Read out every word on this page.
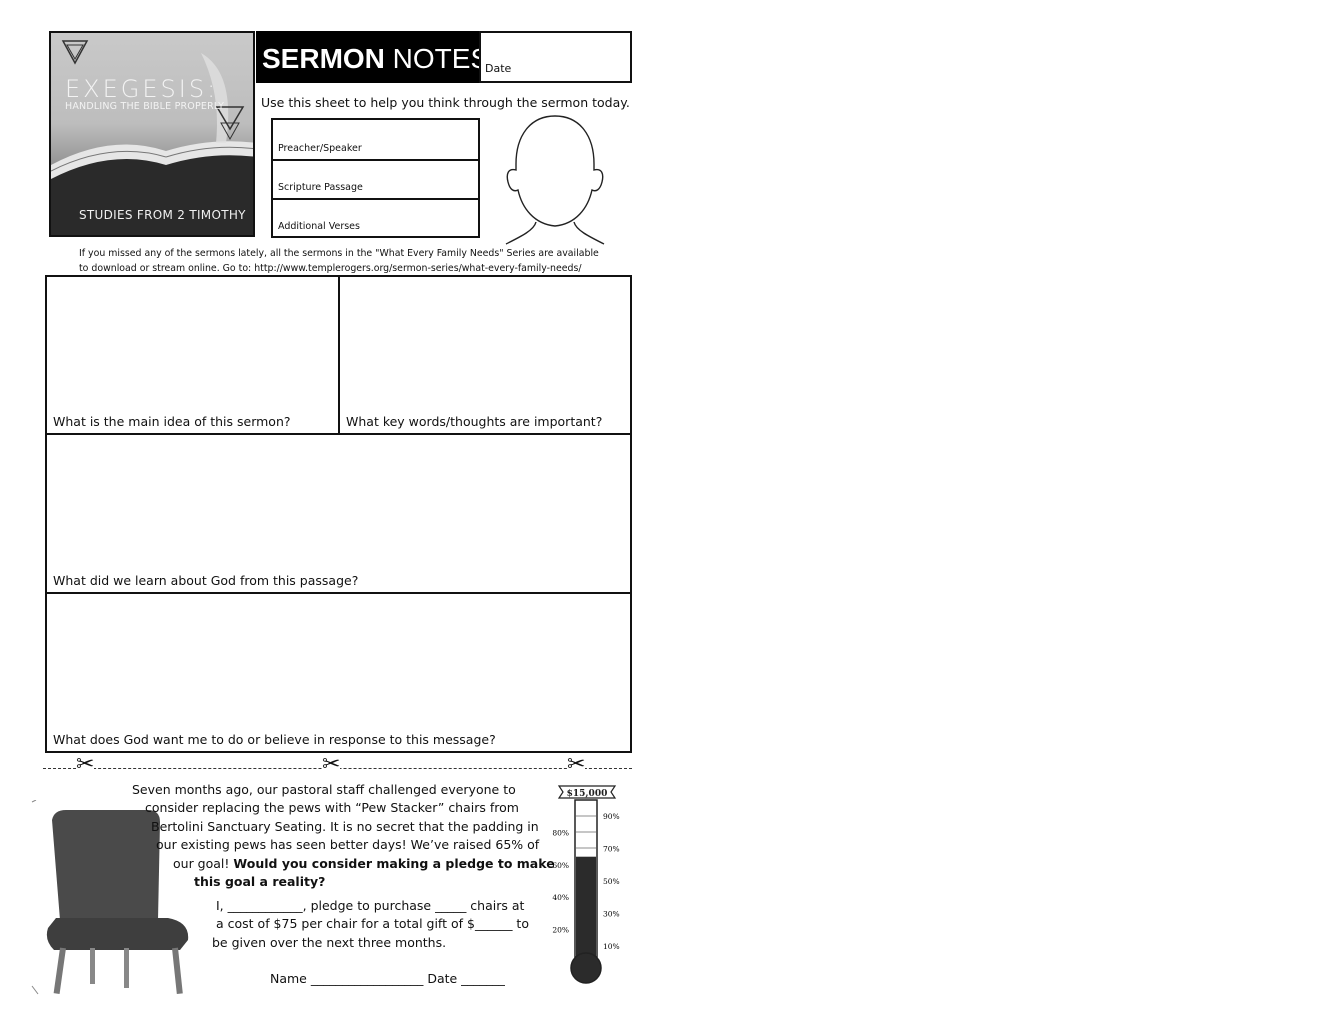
EXEGESIS:
HANDLING THE BIBLE PROPERLY
STUDIES FROM 2 TIMOTHY
SERMON NOTES
Date
Use this sheet to help you think through the sermon today.
Preacher/Speaker
Scripture Passage
Additional Verses
If you missed any of the sermons lately, all the sermons in the "What Every Family Needs" Series are available
to download or stream online. Go to: http://www.templerogers.org/sermon-series/what-every-family-needs/
What is the main idea of this sermon?	What key words/thoughts are important?
What did we learn about God from this passage?
What does God want me to do or believe in response to this message?
✂	✂	✂
Seven months ago, our pastoral staff challenged everyone to
consider replacing the pews with “Pew Stacker” chairs from
Bertolini Sanctuary Seating. It is no secret that the padding in
our existing pews has seen better days! We’ve raised 65% of
our goal! Would you consider making a pledge to make
this goal a reality?
I, ____________, pledge to purchase _____ chairs at
a cost of $75 per chair for a total gift of $______ to
be given over the next three months.
Name __________________ Date _______
$15,000
80%
60%
40%
20%
90%
70%
50%
30%
10%
